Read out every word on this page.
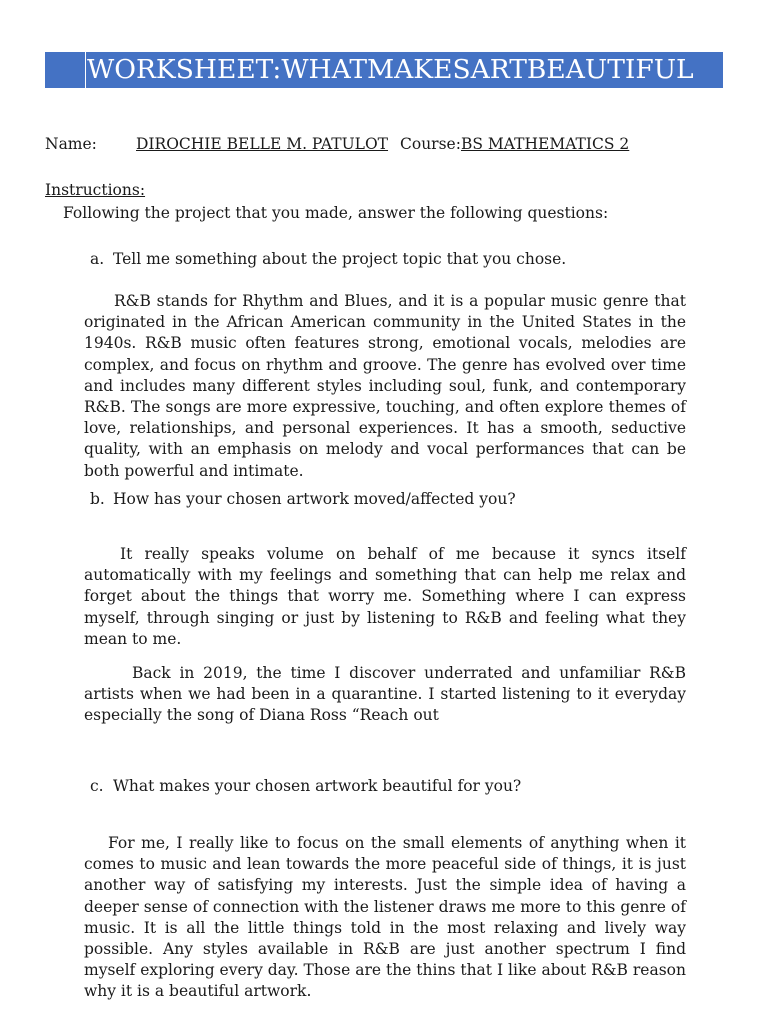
WORKSHEET:WHATMAKESARTBEAUTIFUL
Name:	DIROCHIE BELLE M. PATULOT Course: BS MATHEMATICS 2
Instructions:
Following the project that you made, answer the following questions:
a. Tell me something about the project topic that you chose.
R&B stands for Rhythm and Blues, and it is a popular music genre that originated in the African American community in the United States in the 1940s. R&B music often features strong, emotional vocals, melodies are complex, and focus on rhythm and groove. The genre has evolved over time and includes many different styles including soul, funk, and contemporary R&B. The songs are more expressive, touching, and often explore themes of love, relationships, and personal experiences. It has a smooth, seductive quality, with an emphasis on melody and vocal performances that can be both powerful and intimate.
b. How has your chosen artwork moved/affected you?
It really speaks volume on behalf of me because it syncs itself automatically with my feelings and something that can help me relax and forget about the things that worry me. Something where I can express myself, through singing or just by listening to R&B and feeling what they mean to me.
Back in 2019, the time I discover underrated and unfamiliar R&B artists when we had been in a quarantine. I started listening to it everyday especially the song of Diana Ross “Reach out
c. What makes your chosen artwork beautiful for you?
For me, I really like to focus on the small elements of anything when it comes to music and lean towards the more peaceful side of things, it is just another way of satisfying my interests. Just the simple idea of having a deeper sense of connection with the listener draws me more to this genre of music. It is all the little things told in the most relaxing and lively way possible. Any styles available in R&B are just another spectrum I find myself exploring every day. Those are the thins that I like about R&B reason why it is a beautiful artwork.
